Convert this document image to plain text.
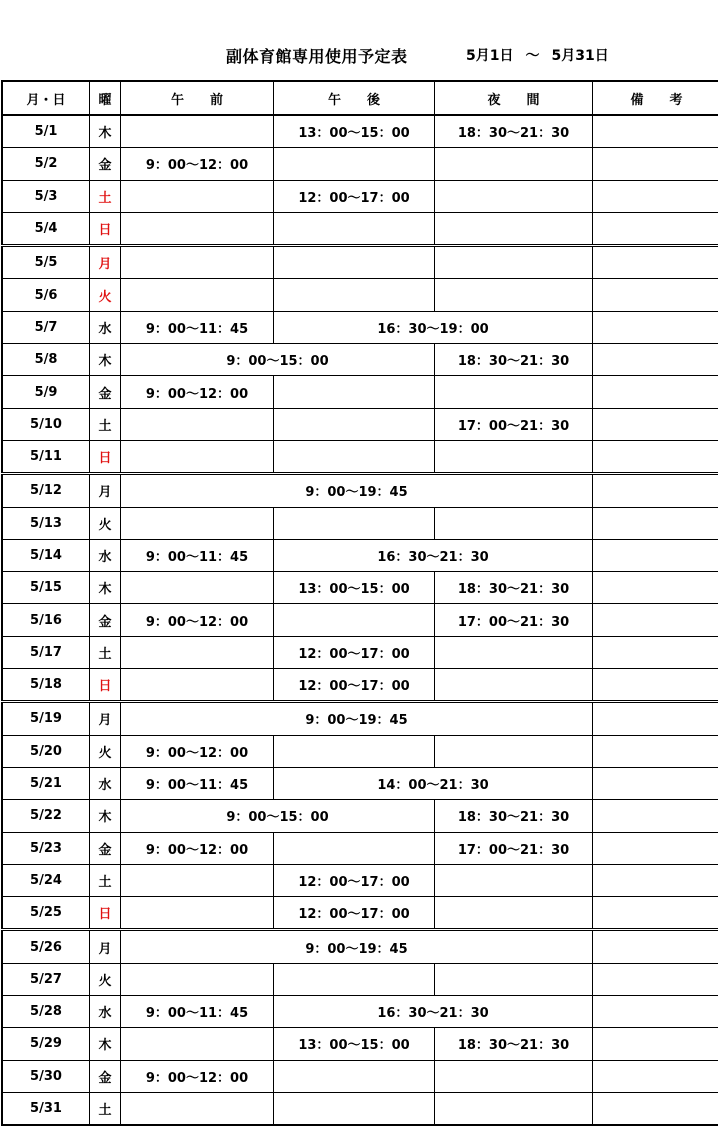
副体育館専用使用予定表	5月1日 ～ 5月31日
月・日	曜	午　　前	午　　後	夜　　間	備　　考
5/1	木		13：00～15：00	18：30～21：30	
5/2	金	9：00～12：00			
5/3	土		12：00～17：00		
5/4	日				
5/5	月				
5/6	火				
5/7	水	9：00～11：45	16：30～19：00		
5/8	木	9：00～15：00		18：30～21：30	
5/9	金	9：00～12：00			
5/10	土			17：00～21：30	
5/11	日				
5/12	月	9：00～19：45			
5/13	火				
5/14	水	9：00～11：45	16：30～21：30		
5/15	木		13：00～15：00	18：30～21：30	
5/16	金	9：00～12：00		17：00～21：30	
5/17	土		12：00～17：00		
5/18	日		12：00～17：00		
5/19	月	9：00～19：45			
5/20	火	9：00～12：00			
5/21	水	9：00～11：45	14：00～21：30		
5/22	木	9：00～15：00		18：30～21：30	
5/23	金	9：00～12：00		17：00～21：30	
5/24	土		12：00～17：00		
5/25	日		12：00～17：00		
5/26	月	9：00～19：45			
5/27	火				
5/28	水	9：00～11：45	16：30～21：30		
5/29	木		13：00～15：00	18：30～21：30	
5/30	金	9：00～12：00			
5/31	土				
